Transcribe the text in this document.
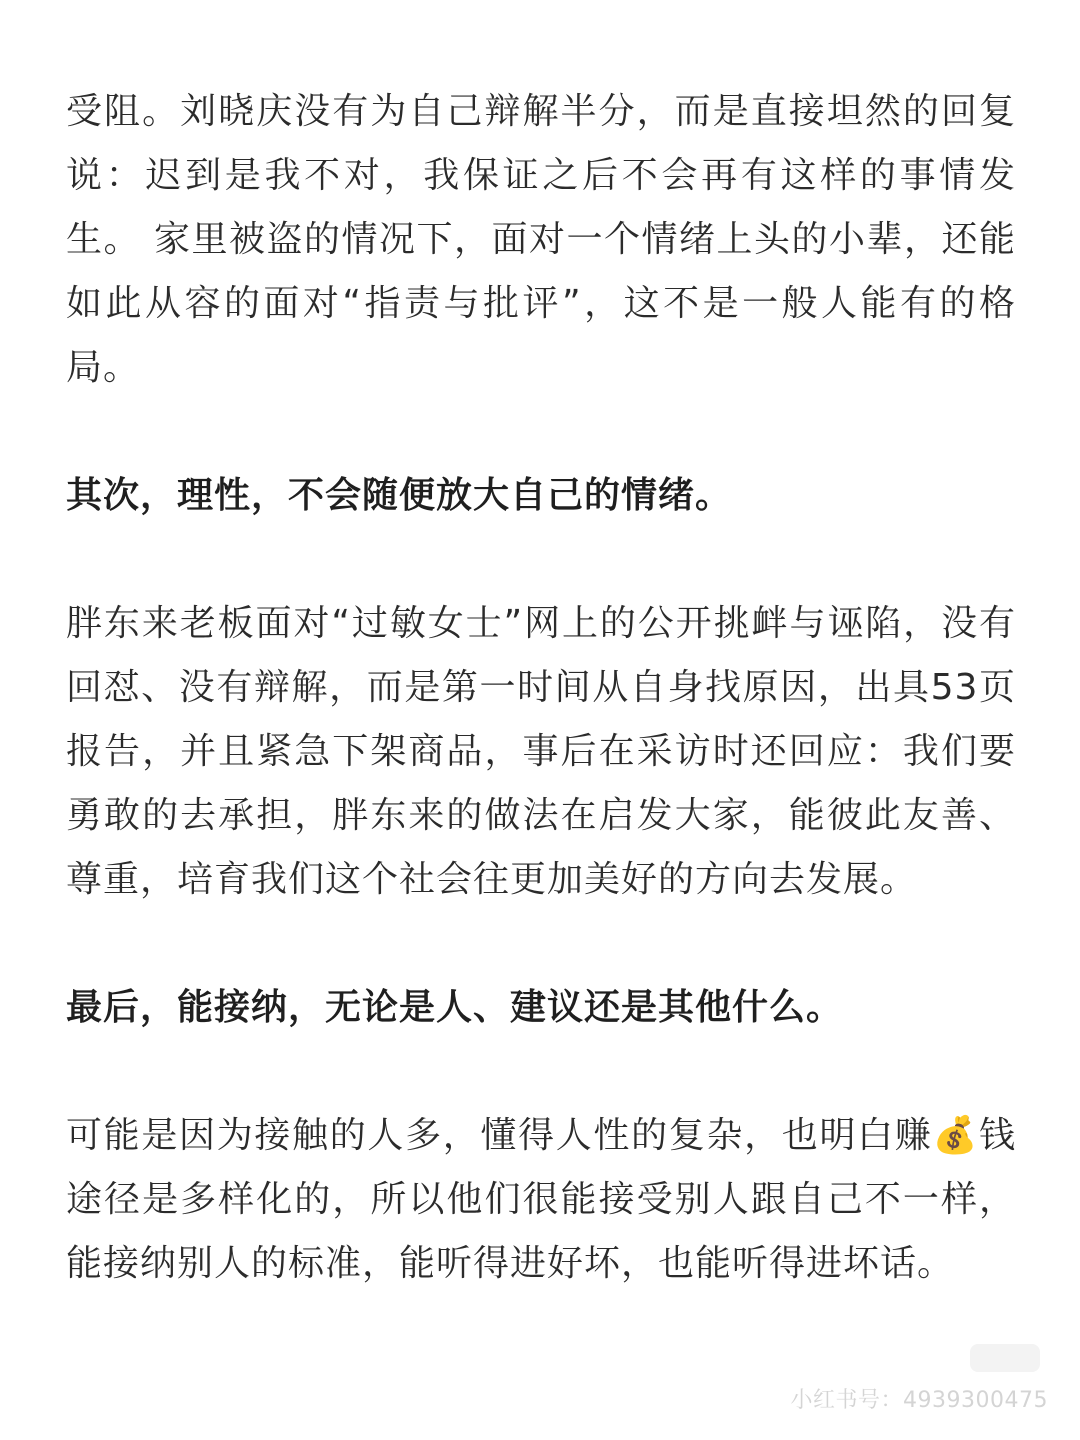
受阻。刘晓庆没有为自己辩解半分，而是直接坦然的回复说：迟到是我不对，我保证之后不会再有这样的事情发生。 家里被盗的情况下，面对一个情绪上头的小辈，还能如此从容的面对“指责与批评”，这不是一般人能有的格局。

其次，理性，不会随便放大自己的情绪。

胖东来老板面对“过敏女士”网上的公开挑衅与诬陷，没有回怼、没有辩解，而是第一时间从自身找原因，出具53页报告，并且紧急下架商品，事后在采访时还回应：我们要勇敢的去承担，胖东来的做法在启发大家，能彼此友善、尊重，培育我们这个社会往更加美好的方向去发展。

最后，能接纳，无论是人、建议还是其他什么。

可能是因为接触的人多，懂得人性的复杂，也明白赚💰钱途径是多样化的，所以他们很能接受别人跟自己不一样，能接纳别人的标准，能听得进好坏，也能听得进坏话。

小红书号：4939300475
